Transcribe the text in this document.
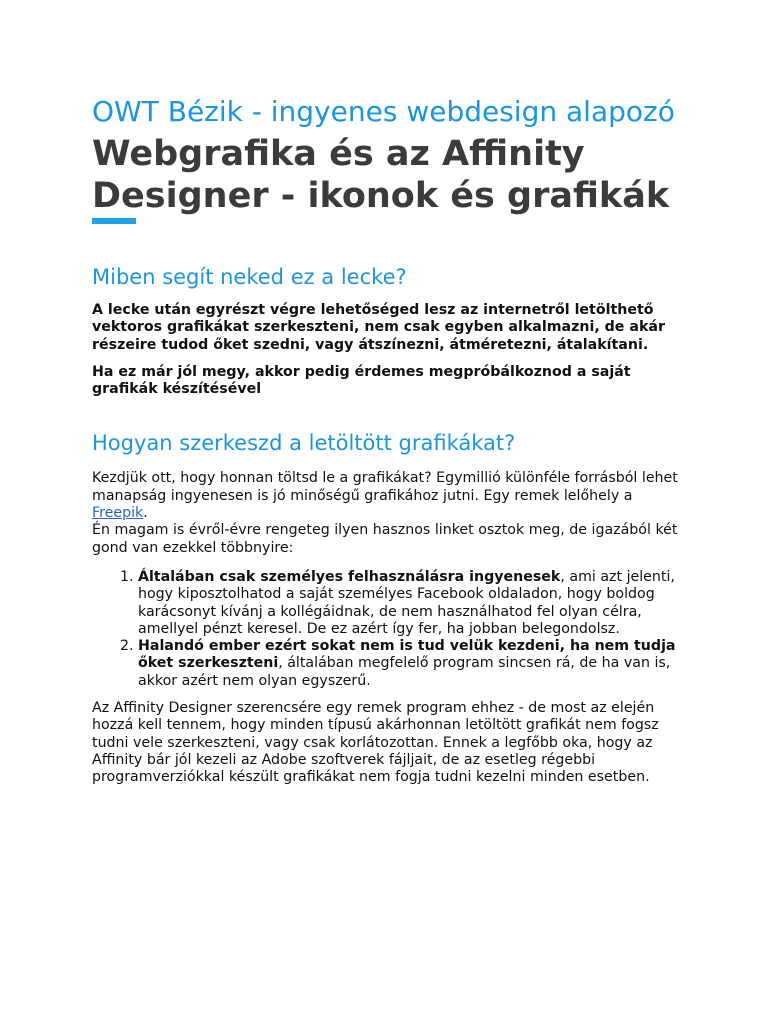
OWT Bézik - ingyenes webdesign alapozó
Webgrafika és az Affinity Designer - ikonok és grafikák
Miben segít neked ez a lecke?

A lecke után egyrészt végre lehetőséged lesz az internetről letölthető vektoros grafikákat szerkeszteni, nem csak egyben alkalmazni, de akár részeire tudod őket szedni, vagy átszínezni, átméretezni, átalakítani.

Ha ez már jól megy, akkor pedig érdemes megpróbálkoznod a saját grafikák készítésével

Hogyan szerkeszd a letöltött grafikákat?

Kezdjük ott, hogy honnan töltsd le a grafikákat? Egymillió különféle forrásból lehet manapság ingyenesen is jó minőségű grafikához jutni. Egy remek lelőhely a Freepik.

Én magam is évről-évre rengeteg ilyen hasznos linket osztok meg, de igazából két gond van ezekkel többnyire:

1. Általában csak személyes felhasználásra ingyenesek, ami azt jelenti, hogy kiposztolhatod a saját személyes Facebook oldaladon, hogy boldog karácsonyt kívánj a kollégáidnak, de nem használhatod fel olyan célra, amellyel pénzt keresel. De ez azért így fer, ha jobban belegondolsz.
2. Halandó ember ezért sokat nem is tud velük kezdeni, ha nem tudja őket szerkeszteni, általában megfelelő program sincsen rá, de ha van is, akkor azért nem olyan egyszerű.

Az Affinity Designer szerencsére egy remek program ehhez - de most az elején hozzá kell tennem, hogy minden típusú akárhonnan letöltött grafikát nem fogsz tudni vele szerkeszteni, vagy csak korlátozottan. Ennek a legfőbb oka, hogy az Affinity bár jól kezeli az Adobe szoftverek fájljait, de az esetleg régebbi programverziókkal készült grafikákat nem fogja tudni kezelni minden esetben.
